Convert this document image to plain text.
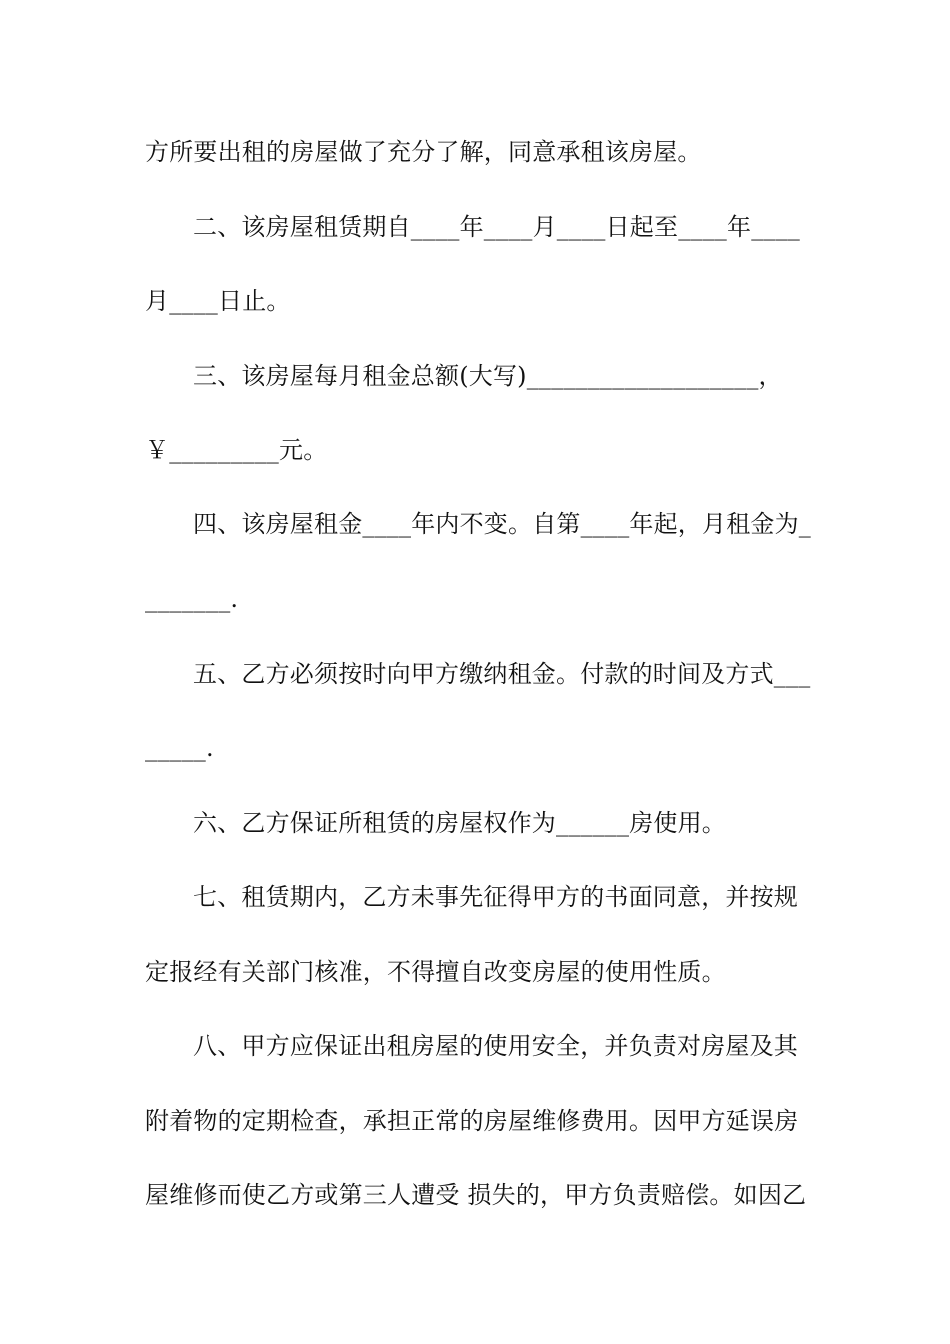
方所要出租的房屋做了充分了解，同意承租该房屋。
二、该房屋租赁期自____年____月____日起至____年____
月____日止。
三、该房屋每月租金总额(大写)___________________，
￥_________元。
四、该房屋租金____年内不变。自第____年起，月租金为_
_______.
五、乙方必须按时向甲方缴纳租金。付款的时间及方式___
_____.
六、乙方保证所租赁的房屋权作为______房使用。
七、租赁期内，乙方未事先征得甲方的书面同意，并按规
定报经有关部门核准，不得擅自改变房屋的使用性质。
八、甲方应保证出租房屋的使用安全，并负责对房屋及其
附着物的定期检查，承担正常的房屋维修费用。因甲方延误房
屋维修而使乙方或第三人遭受 损失的，甲方负责赔偿。如因乙
